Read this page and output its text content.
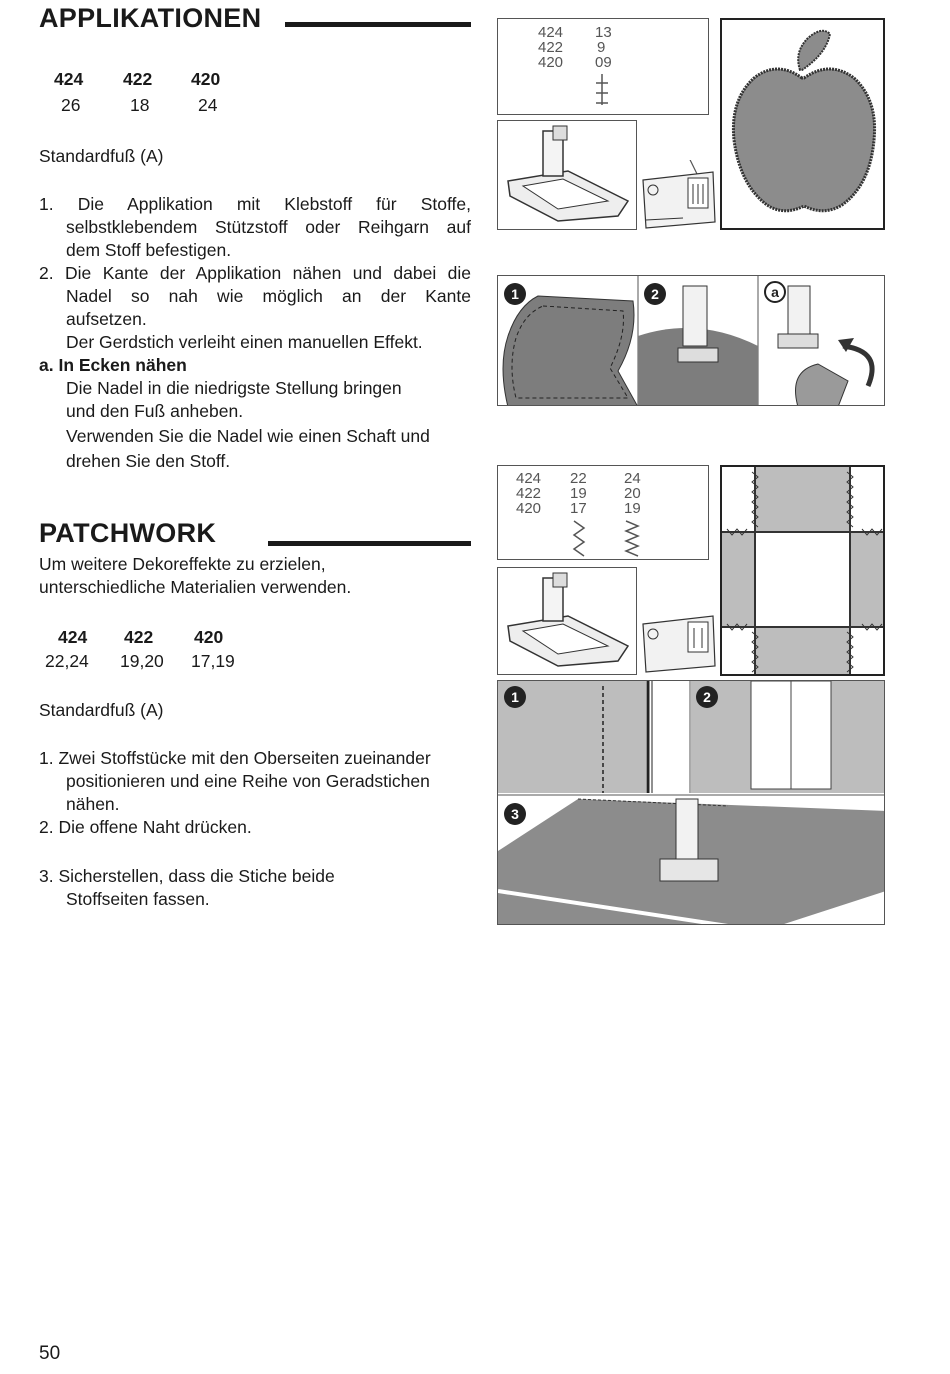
APPLIKATIONEN
424 422 420
26	18	24
Standardfuß (A)
1. Die Applikation mit Klebstoff für Stoffe,
selbstklebendem Stützstoff oder Reihgarn auf
dem Stoff befestigen.
2. Die Kante der Applikation nähen und dabei die
Nadel so nah wie möglich an der Kante
aufsetzen.
Der Gerdstich verleiht einen manuellen Effekt.
a. In Ecken nähen
Die Nadel in die niedrigste Stellung bringen
und den Fuß anheben.
Verwenden Sie die Nadel wie einen Schaft und
drehen Sie den Stoff.
424 13
422 9
420 09
1	2	a
PATCHWORK
Um weitere Dekoreffekte zu erzielen,
unterschiedliche Materialien verwenden.
424 422 420
22,24 19,20 17,19
Standardfuß (A)
1. Zwei Stoffstücke mit den Oberseiten zueinander
positionieren und eine Reihe von Geradstichen
nähen.
2. Die offene Naht drücken.
3. Sicherstellen, dass die Stiche beide
Stoffseiten fassen.
424 22 24
422 19 20
420 17 19
1	2
3
50
